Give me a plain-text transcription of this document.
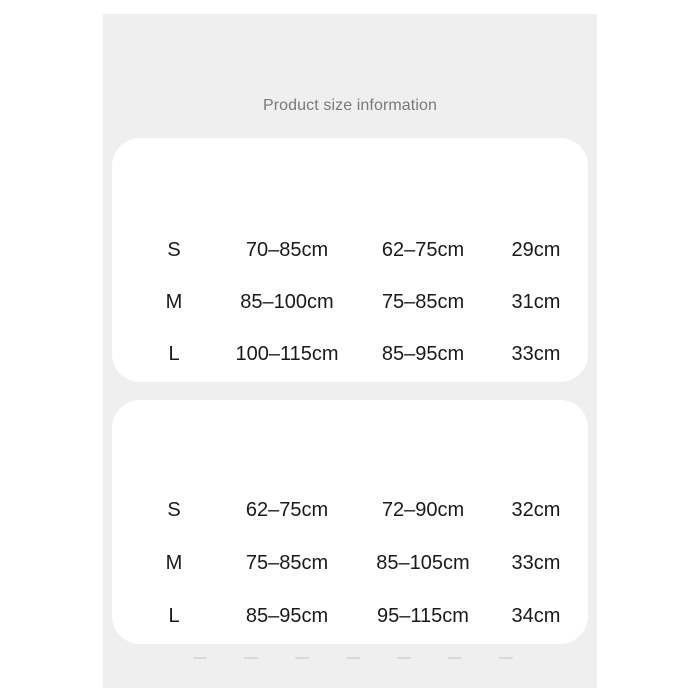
Product size information
S	70–85cm	62–75cm 29cm
M	85–100cm 75–85cm 31cm
L	100–115cm 85–95cm 33cm
S	62–75cm	72–90cm 32cm
M	75–85cm 85–105cm 33cm
L	85–95cm 95–115cm 34cm
